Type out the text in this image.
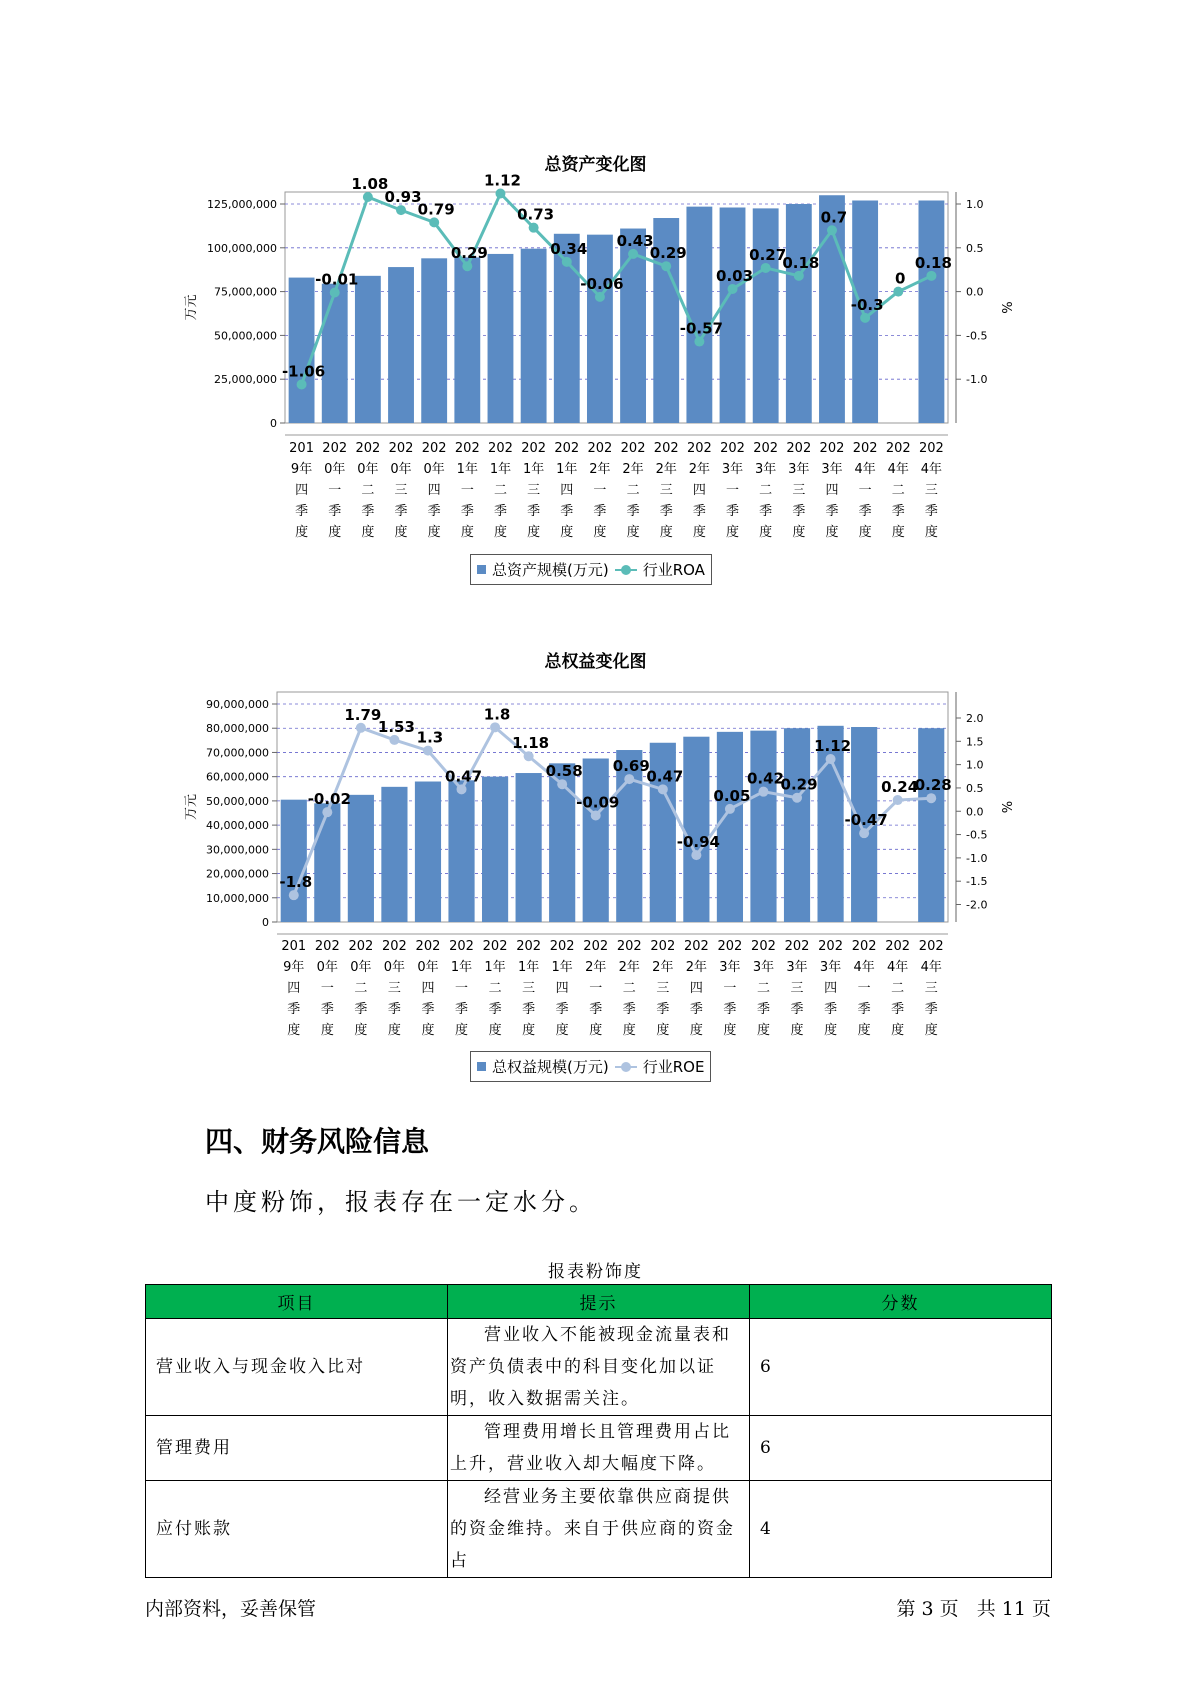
总资产变化图
0
25,000,000
50,000,000
75,000,000
100,000,000
125,000,000
-1.0
-0.5
0.0
0.5
1.0
万元	%
-1.06
-0.01
1.08
0.93
0.79
0.29
1.12
0.73
0.34
-0.06
0.43
0.29
-0.57
0.03
0.27
0.18
0.7
-0.3
0
0.18
201
9年
四
季
度
202
0年
一
季
度
202
0年
二
季
度
202
0年
三
季
度
202
0年
四
季
度
202
1年
一
季
度
202
1年
二
季
度
202
1年
三
季
度
202
1年
四
季
度
202
2年
一
季
度
202
2年
二
季
度
202
2年
三
季
度
202
2年
四
季
度
202
3年
一
季
度
202
3年
二
季
度
202
3年
三
季
度
202
3年
四
季
度
202
4年
一
季
度
202
4年
二
季
度
202
4年
三
季
度
总资产规模(万元) 行业ROA
总权益变化图
0
10,000,000
20,000,000
30,000,000
40,000,000
50,000,000
60,000,000
70,000,000
80,000,000
90,000,000
-2.0
-1.5
-1.0
-0.5
0.0
0.5
1.0
1.5
2.0
万元	%
-1.8
-0.02
1.79
1.53
1.3
0.47
1.8
1.18
0.58
-0.09
0.69
0.47
-0.94
0.05
0.42
0.29
1.12
-0.47
0.24
0.28
201
9年
四
季
度
202
0年
一
季
度
202
0年
二
季
度
202
0年
三
季
度
202
0年
四
季
度
202
1年
一
季
度
202
1年
二
季
度
202
1年
三
季
度
202
1年
四
季
度
202
2年
一
季
度
202
2年
二
季
度
202
2年
三
季
度
202
2年
四
季
度
202
3年
一
季
度
202
3年
二
季
度
202
3年
三
季
度
202
3年
四
季
度
202
4年
一
季
度
202
4年
二
季
度
202
4年
三
季
度
总权益规模(万元) 行业ROE
四、财务风险信息
中度粉饰，报表存在一定水分。
报表粉饰度
项目	提示	分数
营业收入与现金收入比对	营业收入不能被现金流量表和资产负债表中的科目变化加以证明，收入数据需关注。	6
管理费用	管理费用增长且管理费用占比上升，营业收入却大幅度下降。	6
应付账款	经营业务主要依靠供应商提供的资金维持。来自于供应商的资金占	4
内部资料，妥善保管	第 3 页   共 11 页
